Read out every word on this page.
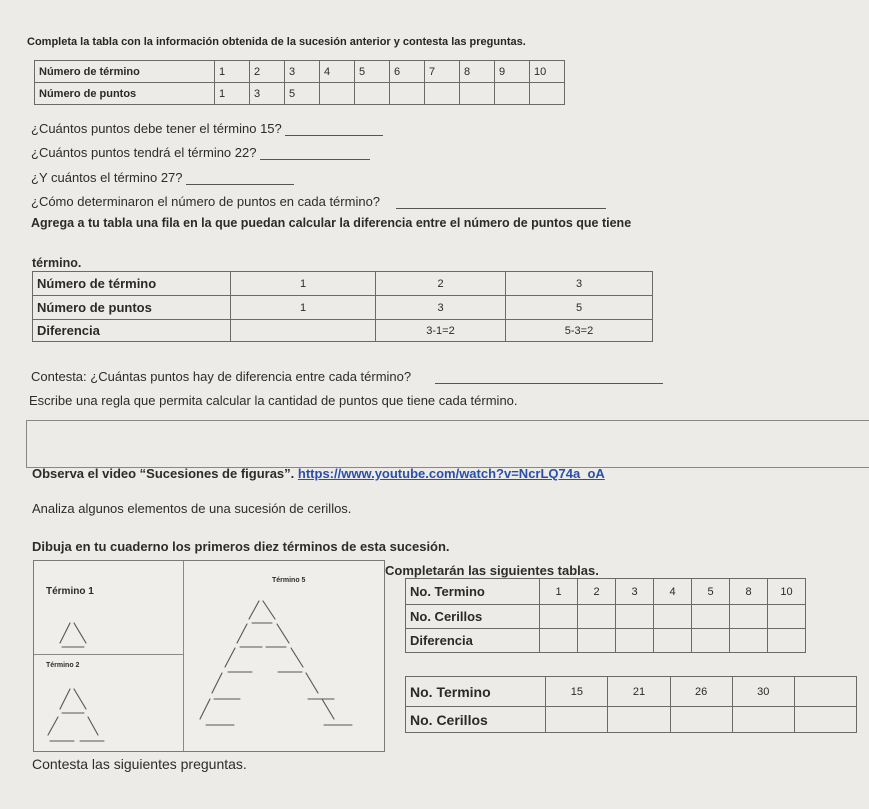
Completa la tabla con la información obtenida de la sucesión anterior y contesta las preguntas.
Número de término	1	2	3	4	5	6	7	8	9	10
Número de puntos	1	3	5							
¿Cuántos puntos debe tener el término 15?
¿Cuántos puntos tendrá el término 22?
¿Y cuántos el término 27?
¿Cómo determinaron el número de puntos en cada término?
Agrega a tu tabla una fila en la que puedan calcular la diferencia entre el número de puntos que tiene
término.
Número de término	1	2	3
Número de puntos	1	3	5
Diferencia		3-1=2	5-3=2
Contesta: ¿Cuántas puntos hay de diferencia entre cada término?
Escribe una regla que permita calcular la cantidad de puntos que tiene cada término.
Observa el video “Sucesiones de figuras”. https://www.youtube.com/watch?v=NcrLQ74a_oA
Analiza algunos elementos de una sucesión de cerillos.
Dibuja en tu cuaderno los primeros diez términos de esta sucesión.
Término 1
Término 2
Término 5
Completarán las siguientes tablas.
No. Termino	1	2	3	4	5	8	10
No. Cerillos							
Diferencia							
No. Termino	15	21	26	30	
No. Cerillos					
Contesta las siguientes preguntas.
